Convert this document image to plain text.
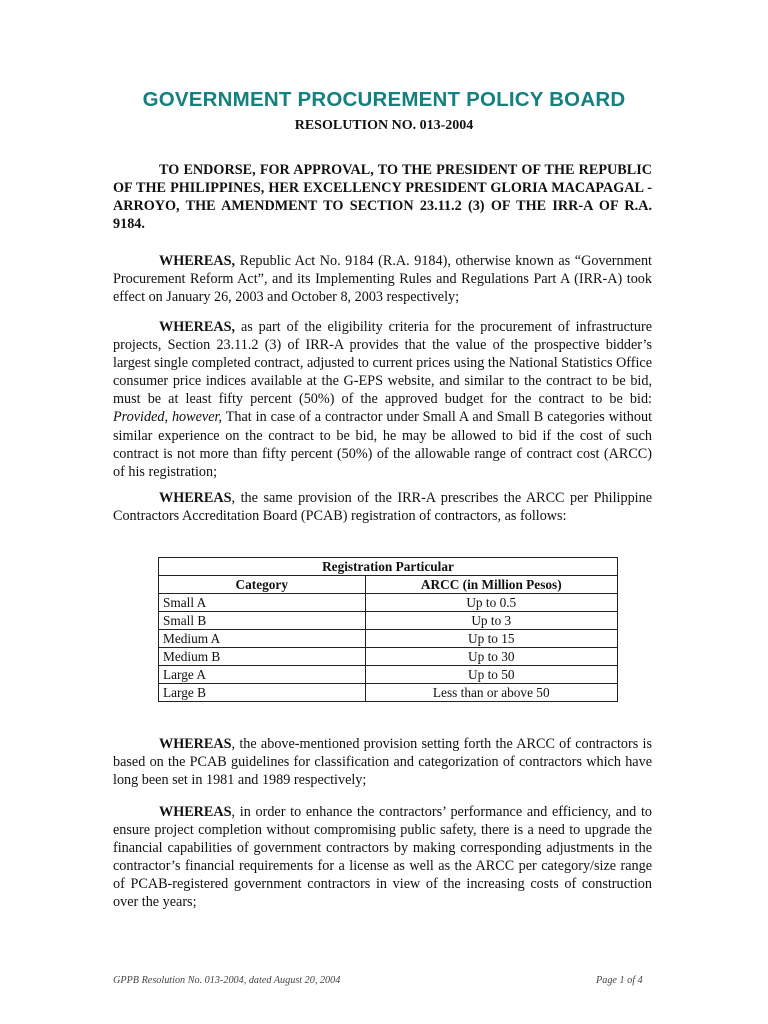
GOVERNMENT PROCUREMENT POLICY BOARD
RESOLUTION NO. 013-2004

TO ENDORSE, FOR APPROVAL, TO THE PRESIDENT OF THE REPUBLIC OF THE PHILIPPINES, HER EXCELLENCY PRESIDENT GLORIA MACAPAGAL - ARROYO, THE AMENDMENT TO SECTION 23.11.2 (3) OF THE IRR-A OF R.A. 9184.

WHEREAS, Republic Act No. 9184 (R.A. 9184), otherwise known as “Government Procurement Reform Act”, and its Implementing Rules and Regulations Part A (IRR-A) took effect on January 26, 2003 and October 8, 2003 respectively;

WHEREAS, as part of the eligibility criteria for the procurement of infrastructure projects, Section 23.11.2 (3) of IRR-A provides that the value of the prospective bidder’s largest single completed contract, adjusted to current prices using the National Statistics Office consumer price indices available at the G-EPS website, and similar to the contract to be bid, must be at least fifty percent (50%) of the approved budget for the contract to be bid: Provided, however, That in case of a contractor under Small A and Small B categories without similar experience on the contract to be bid, he may be allowed to bid if the cost of such contract is not more than fifty percent (50%) of the allowable range of contract cost (ARCC) of his registration;

WHEREAS, the same provision of the IRR-A prescribes the ARCC per Philippine Contractors Accreditation Board (PCAB) registration of contractors, as follows:

Registration Particular	
Category	ARCC (in Million Pesos)
Small A	Up to 0.5
Small B	Up to 3
Medium A	Up to 15
Medium B	Up to 30
Large A	Up to 50
Large B	Less than or above 50

WHEREAS, the above-mentioned provision setting forth the ARCC of contractors is based on the PCAB guidelines for classification and categorization of contractors which have long been set in 1981 and 1989 respectively;

WHEREAS, in order to enhance the contractors’ performance and efficiency, and to ensure project completion without compromising public safety, there is a need to upgrade the financial capabilities of government contractors by making corresponding adjustments in the contractor’s financial requirements for a license as well as the ARCC per category/size range of PCAB-registered government contractors in view of the increasing costs of construction over the years;

GPPB Resolution No. 013-2004, dated August 20, 2004	Page 1 of 4
